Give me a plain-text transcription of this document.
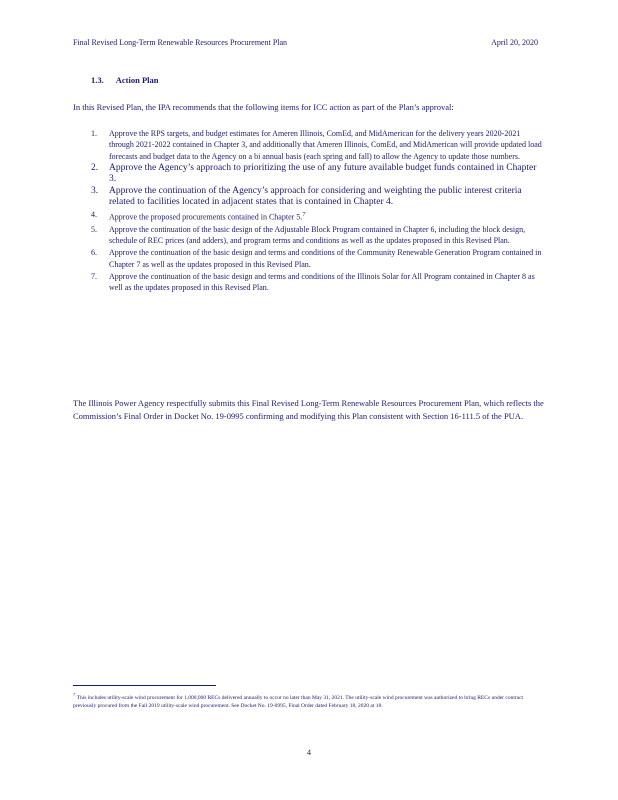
Final Revised Long-Term Renewable Resources Procurement Plan	April 20, 2020
1.3. Action Plan

In this Revised Plan, the IPA recommends that the following items for ICC action as part of the Plan’s approval:

1. Approve the RPS targets, and budget estimates for Ameren Illinois, ComEd, and MidAmerican for the delivery years 2020-2021 through 2021-2022 contained in Chapter 3, and additionally that Ameren Illinois, ComEd, and MidAmerican will provide updated load forecasts and budget data to the Agency on a bi annual basis (each spring and fall) to allow the Agency to update those numbers.
2. Approve the Agency’s approach to prioritizing the use of any future available budget funds contained in Chapter 3.
3. Approve the continuation of the Agency’s approach for considering and weighting the public interest criteria related to facilities located in adjacent states that is contained in Chapter 4.
4. Approve the proposed procurements contained in Chapter 5.$^7$
5. Approve the continuation of the basic design of the Adjustable Block Program contained in Chapter 6, including the block design, schedule of REC prices (and adders), and program terms and conditions as well as the updates proposed in this Revised Plan.
6. Approve the continuation of the basic design and terms and conditions of the Community Renewable Generation Program contained in Chapter 7 as well as the updates proposed in this Revised Plan.
7. Approve the continuation of the basic design and terms and conditions of the Illinois Solar for All Program contained in Chapter 8 as well as the updates proposed in this Revised Plan.

The Illinois Power Agency respectfully submits this Final Revised Long-Term Renewable Resources Procurement Plan, which reflects the Commission’s Final Order in Docket No. 19-0995 confirming and modifying this Plan consistent with Section 16-111.5 of the PUA.

$^7$ This includes utility-scale wind procurement for 1,000,000 RECs delivered annually to occur no later than May 31, 2021. The utility-scale wind procurement was authorized to bring RECs under contract previously procured from the Fall 2019 utility-scale wind procurement. See Docket No. 19-0995, Final Order dated February 18, 2020 at 18.
4
